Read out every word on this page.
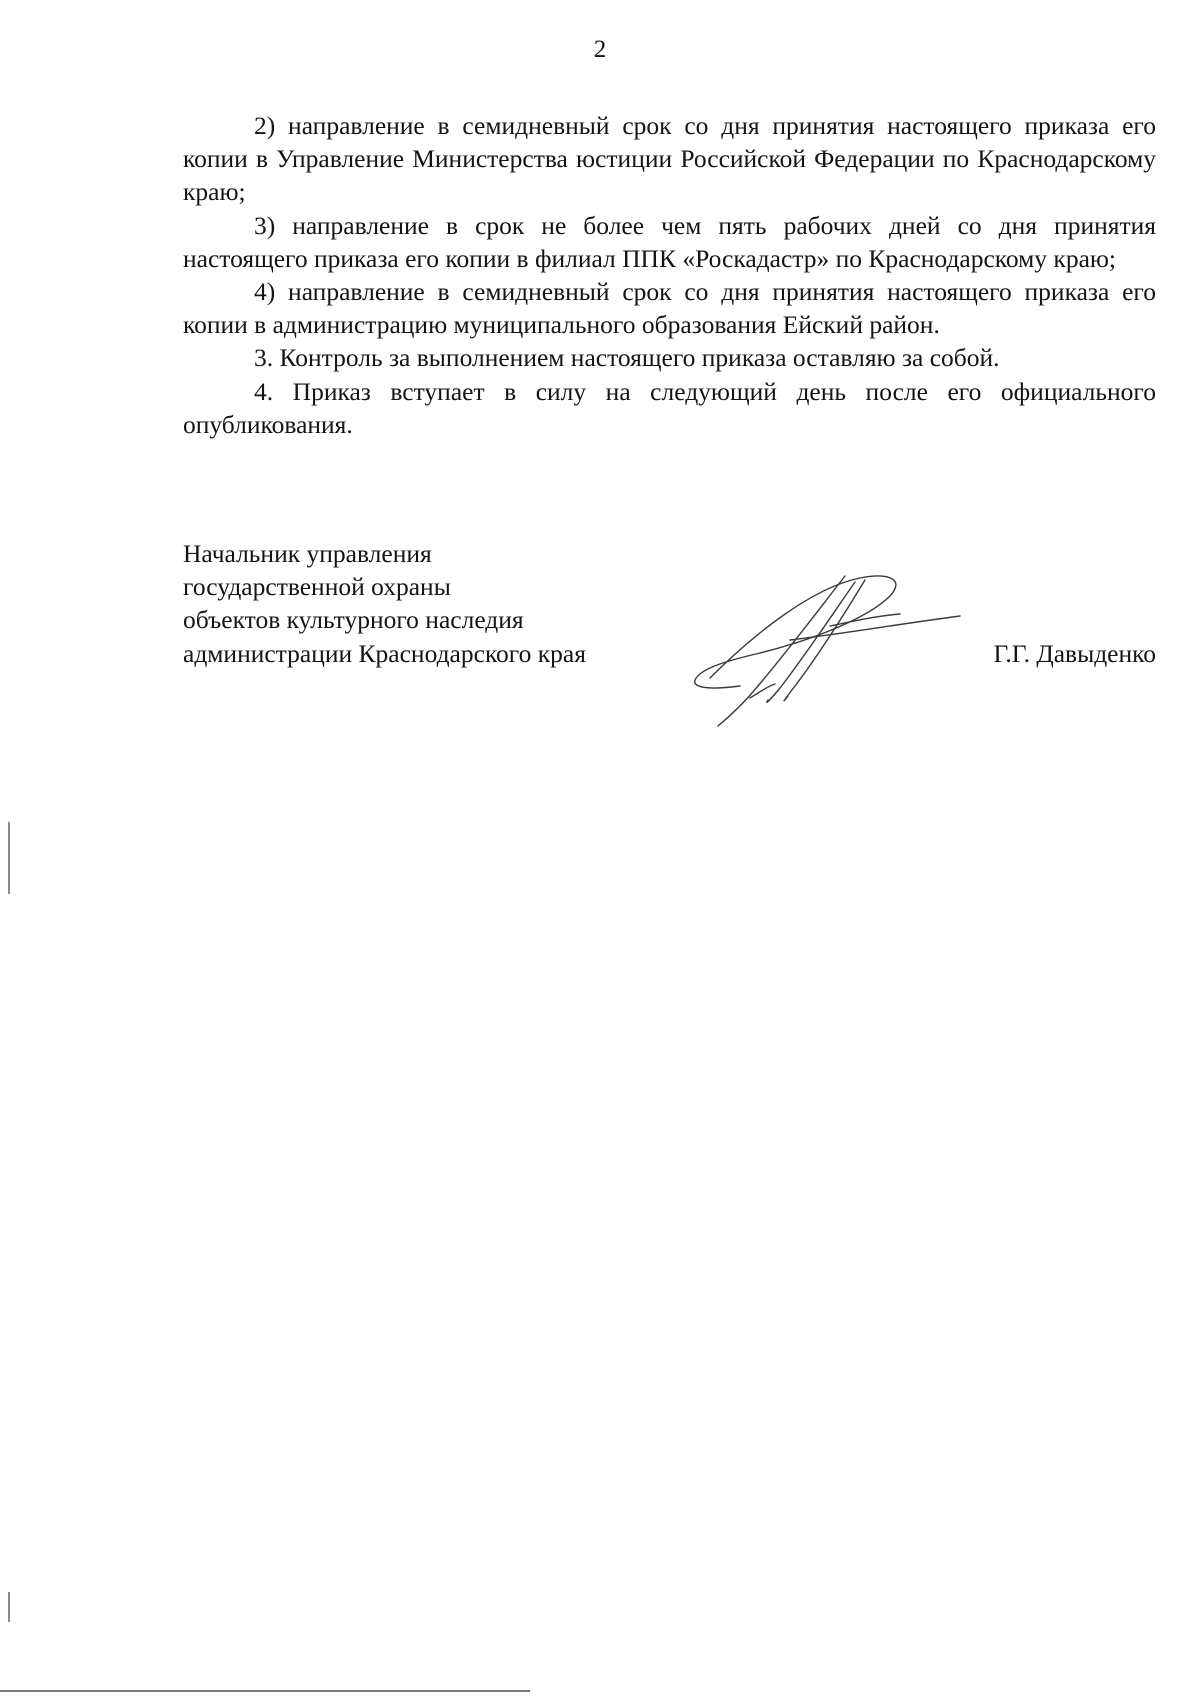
2

2) направление в семидневный срок со дня принятия настоящего приказа его копии в Управление Министерства юстиции Российской Федерации по Краснодарскому краю;

3) направление в срок не более чем пять рабочих дней со дня принятия настоящего приказа его копии в филиал ППК «Роскадастр» по Краснодарскому краю;

4) направление в семидневный срок со дня принятия настоящего приказа его копии в администрацию муниципального образования Ейский район.

3. Контроль за выполнением настоящего приказа оставляю за собой.

4. Приказ вступает в силу на следующий день после его официального опубликования.

Начальник управления
государственной охраны
объектов культурного наследия
администрации Краснодарского края	Г.Г. Давыденко
